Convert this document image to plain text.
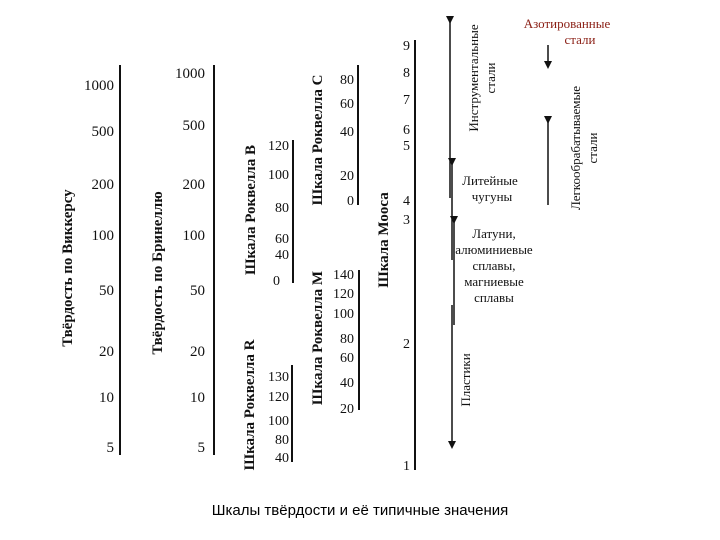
Твёрдость по Виккерсу
1000
500
200
100
50
20
10
5
Твёрдость по Бринеллю
1000
500
200
100
50
20
10
5
Шкала Роквелла B 120
100
80
60
40
0
Шкала Роквелла R 130
120
100
80
40
Шкала Роквелла C 80
60
40
20
0
Шкала Роквелла M 140
120
100
80
60
40
20
Шкала Мооса
9
8
7
6
5
4
3
2
1
Азотированные
стали
Инструментальные стали
Легкообрабатываемые стали
Литейные
чугуны
Латуни,
алюминиевые
сплавы,
магниевые
сплавы
Пластики
Шкалы твёрдости и её типичные значения
